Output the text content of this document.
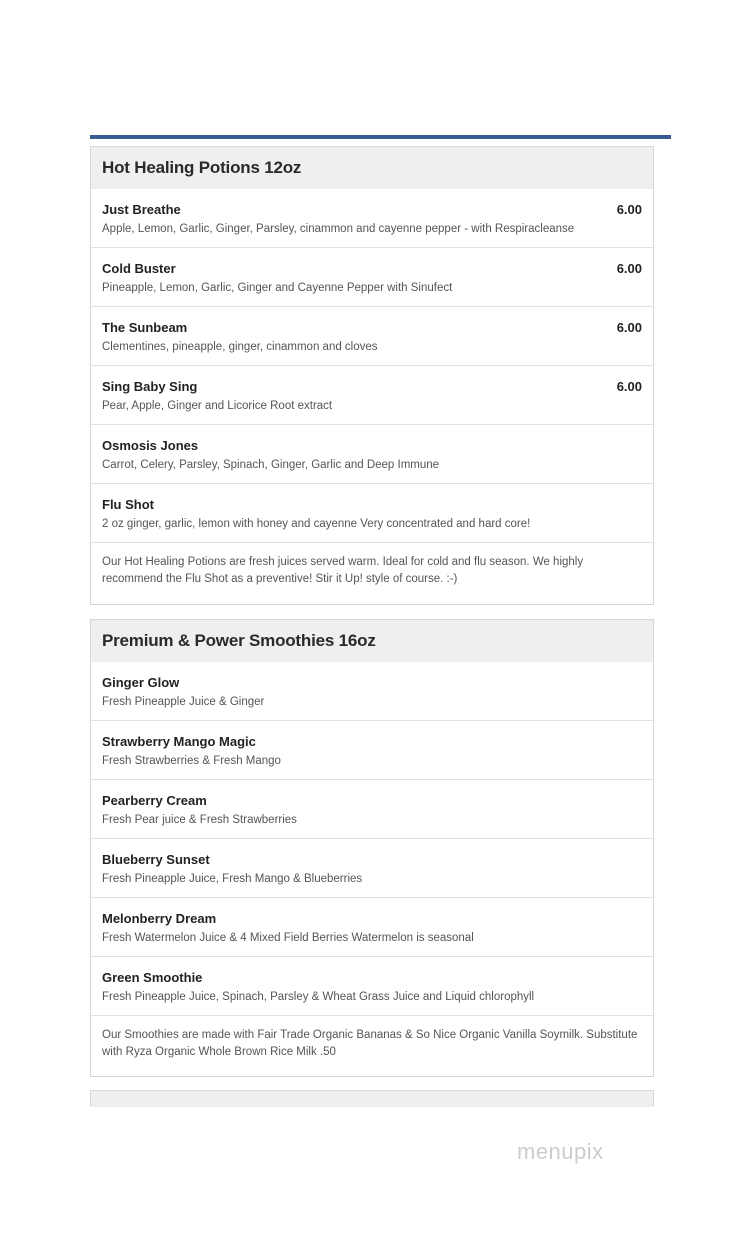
Hot Healing Potions 12oz
Just Breathe
Apple, Lemon, Garlic, Ginger, Parsley, cinammon and cayenne pepper - with Respiracleanse
6.00
Cold Buster
Pineapple, Lemon, Garlic, Ginger and Cayenne Pepper with Sinufect
6.00
The Sunbeam
Clementines, pineapple, ginger, cinammon and cloves
6.00
Sing Baby Sing
Pear, Apple, Ginger and Licorice Root extract
6.00
Osmosis Jones
Carrot, Celery, Parsley, Spinach, Ginger, Garlic and Deep Immune
Flu Shot
2 oz ginger, garlic, lemon with honey and cayenne Very concentrated and hard core!
Our Hot Healing Potions are fresh juices served warm. Ideal for cold and flu season. We highly recommend the Flu Shot as a preventive! Stir it Up! style of course. :-)
Premium & Power Smoothies 16oz
Ginger Glow
Fresh Pineapple Juice & Ginger
Strawberry Mango Magic
Fresh Strawberries & Fresh Mango
Pearberry Cream
Fresh Pear juice & Fresh Strawberries
Blueberry Sunset
Fresh Pineapple Juice, Fresh Mango & Blueberries
Melonberry Dream
Fresh Watermelon Juice & 4 Mixed Field Berries Watermelon is seasonal
Green Smoothie
Fresh Pineapple Juice, Spinach, Parsley & Wheat Grass Juice and Liquid chlorophyll
Our Smoothies are made with Fair Trade Organic Bananas & So Nice Organic Vanilla Soymilk. Substitute with Ryza Organic Whole Brown Rice Milk .50
menupix
